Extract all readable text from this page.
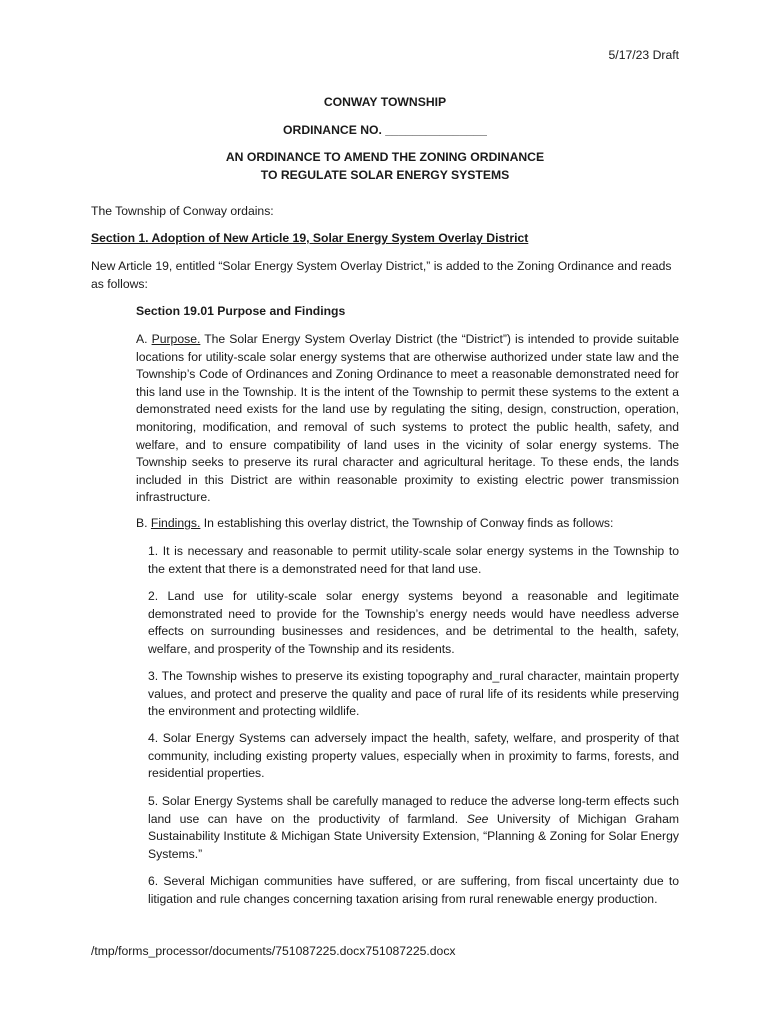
5/17/23 Draft
CONWAY TOWNSHIP
ORDINANCE NO. _______________
AN ORDINANCE TO AMEND THE ZONING ORDINANCE
TO REGULATE SOLAR ENERGY SYSTEMS
The Township of Conway ordains:
Section 1. Adoption of New Article 19, Solar Energy System Overlay District
New Article 19, entitled “Solar Energy System Overlay District,” is added to the Zoning Ordinance and reads as follows:
Section 19.01 Purpose and Findings
A. Purpose. The Solar Energy System Overlay District (the “District”) is intended to provide suitable locations for utility-scale solar energy systems that are otherwise authorized under state law and the Township’s Code of Ordinances and Zoning Ordinance to meet a reasonable demonstrated need for this land use in the Township. It is the intent of the Township to permit these systems to the extent a demonstrated need exists for the land use by regulating the siting, design, construction, operation, monitoring, modification, and removal of such systems to protect the public health, safety, and welfare, and to ensure compatibility of land uses in the vicinity of solar energy systems. The Township seeks to preserve its rural character and agricultural heritage. To these ends, the lands included in this District are within reasonable proximity to existing electric power transmission infrastructure.
B. Findings. In establishing this overlay district, the Township of Conway finds as follows:
1. It is necessary and reasonable to permit utility-scale solar energy systems in the Township to the extent that there is a demonstrated need for that land use.
2. Land use for utility-scale solar energy systems beyond a reasonable and legitimate demonstrated need to provide for the Township’s energy needs would have needless adverse effects on surrounding businesses and residences, and be detrimental to the health, safety, welfare, and prosperity of the Township and its residents.
3. The Township wishes to preserve its existing topography and_rural character, maintain property values, and protect and preserve the quality and pace of rural life of its residents while preserving the environment and protecting wildlife.
4. Solar Energy Systems can adversely impact the health, safety, welfare, and prosperity of that community, including existing property values, especially when in proximity to farms, forests, and residential properties.
5. Solar Energy Systems shall be carefully managed to reduce the adverse long-term effects such land use can have on the productivity of farmland. See University of Michigan Graham Sustainability Institute & Michigan State University Extension, “Planning & Zoning for Solar Energy Systems.”
6. Several Michigan communities have suffered, or are suffering, from fiscal uncertainty due to litigation and rule changes concerning taxation arising from rural renewable energy production.
/tmp/forms_processor/documents/751087225.docx751087225.docx
